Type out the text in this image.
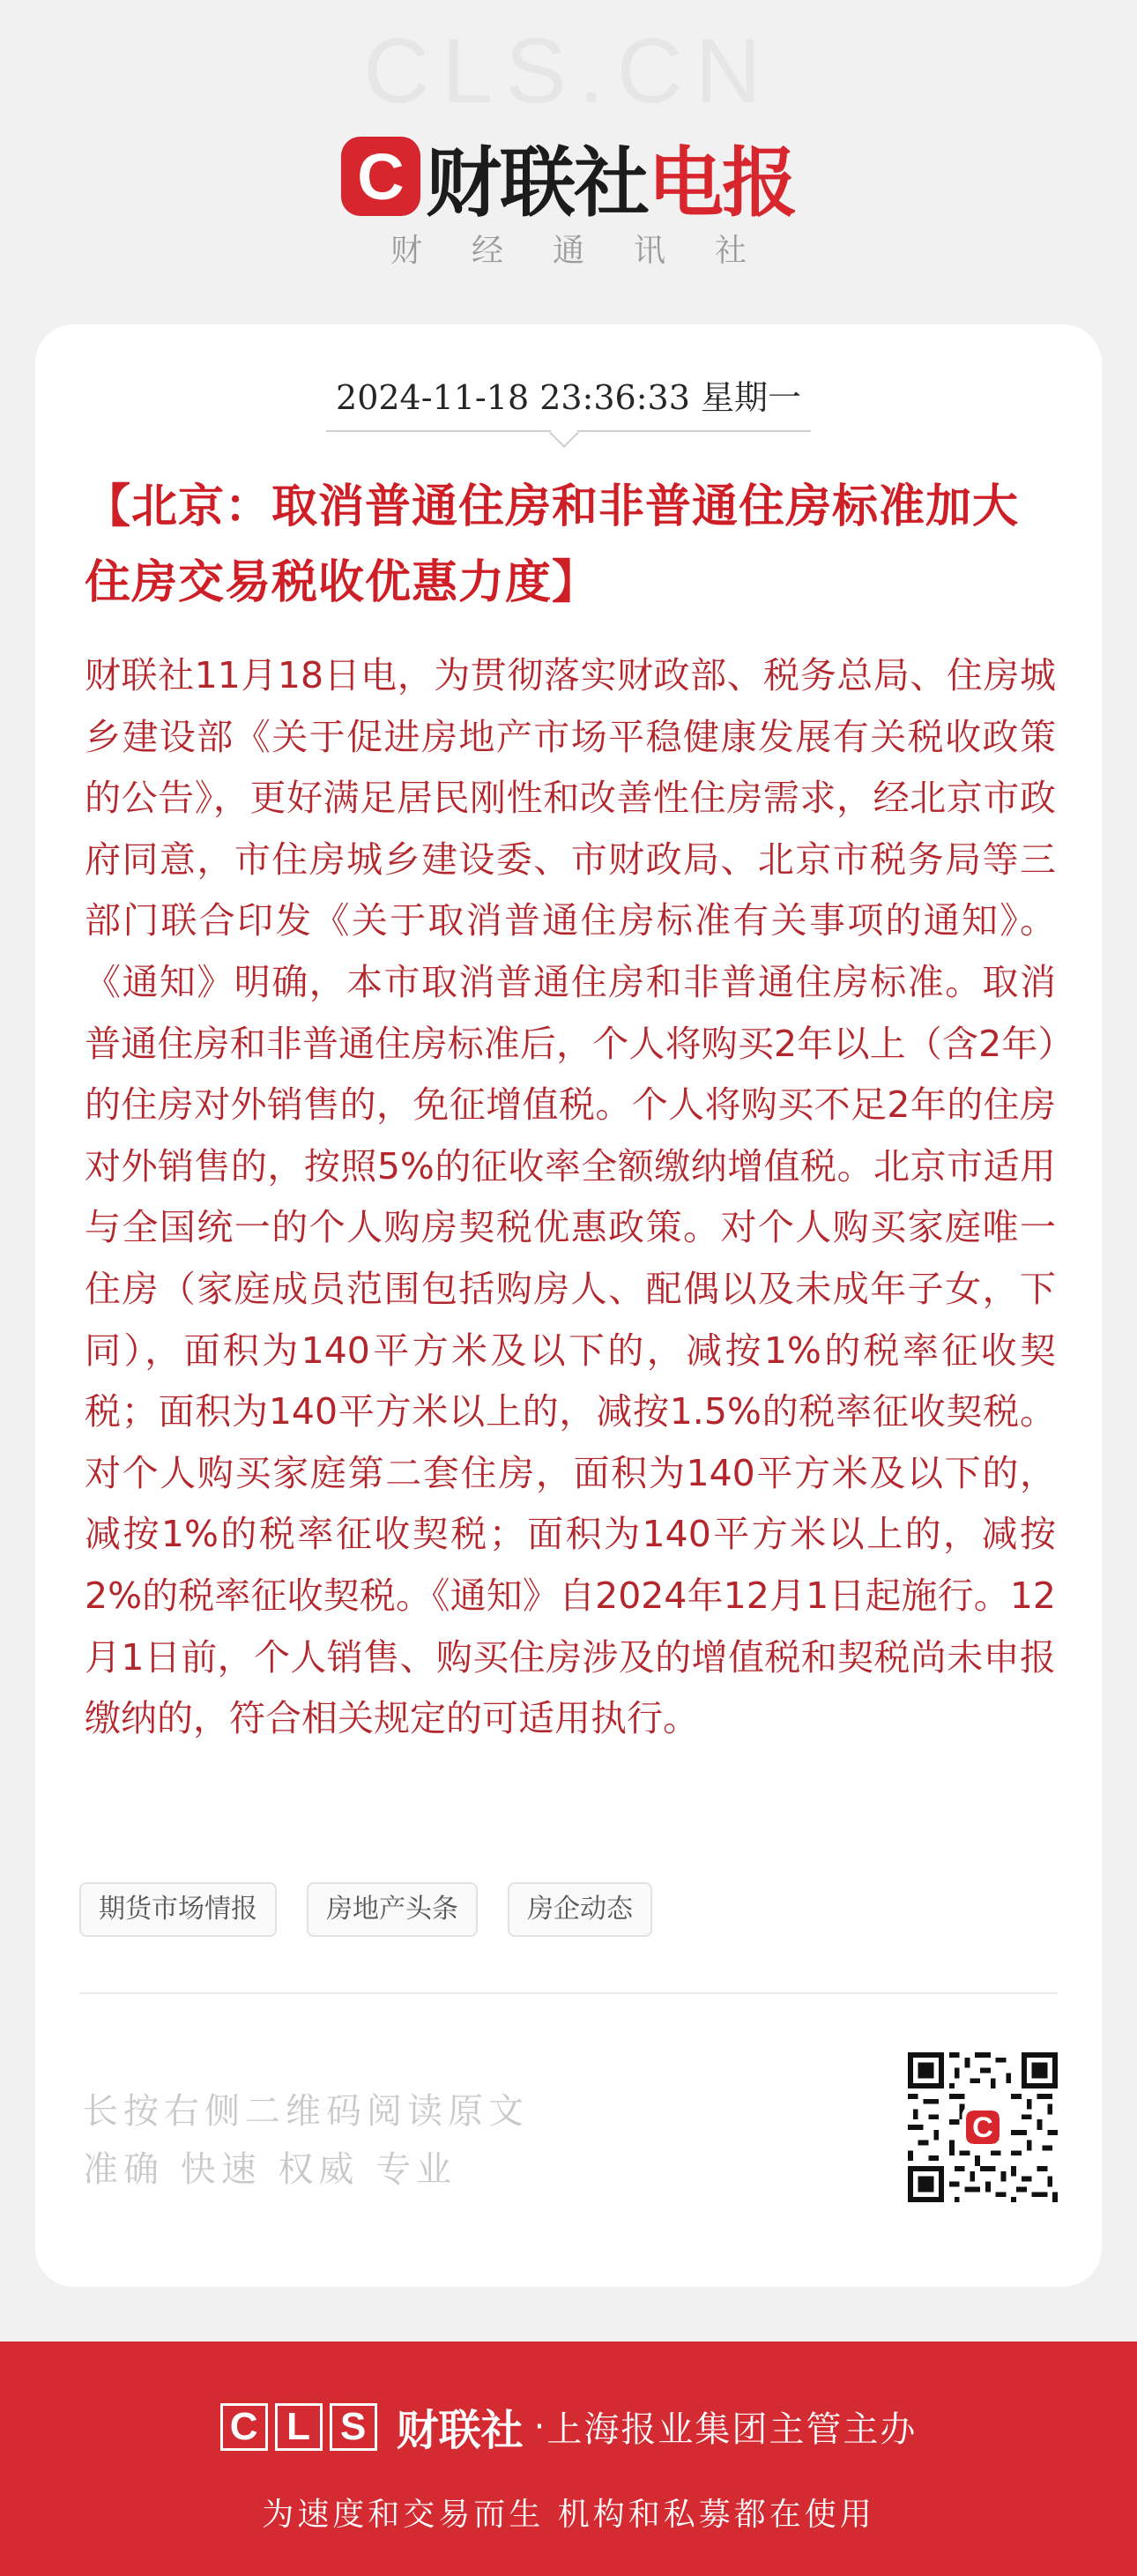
CLS.CN
C 财联社 电报
财经通讯社
2024-11-18 23:36:33 星期一
【北京：取消普通住房和非普通住房标准加大住房交易税收优惠力度】

财联社11月18日电，为贯彻落实财政部、税务总局、住房城乡建设部《关于促进房地产市场平稳健康发展有关税收政策的公告》，更好满足居民刚性和改善性住房需求，经北京市政府同意，市住房城乡建设委、市财政局、北京市税务局等三部门联合印发《关于取消普通住房标准有关事项的通知》。《通知》明确，本市取消普通住房和非普通住房标准。取消普通住房和非普通住房标准后，个人将购买2年以上（含2年）的住房对外销售的，免征增值税。个人将购买不足2年的住房对外销售的，按照5%的征收率全额缴纳增值税。北京市适用与全国统一的个人购房契税优惠政策。对个人购买家庭唯一住房（家庭成员范围包括购房人、配偶以及未成年子女，下同），面积为140平方米及以下的，减按1%的税率征收契税；面积为140平方米以上的，减按1.5%的税率征收契税。对个人购买家庭第二套住房，面积为140平方米及以下的，减按1%的税率征收契税；面积为140平方米以上的，减按2%的税率征收契税。《通知》自2024年12月1日起施行。12月1日前，个人销售、购买住房涉及的增值税和契税尚未申报缴纳的，符合相关规定的可适用执行。

期货市场情报	房地产头条	房企动态
长按右侧二维码阅读原文
准确 快速 权威 专业
C
C L S 财联社 · 上海报业集团主管主办
为速度和交易而生 机构和私募都在使用
